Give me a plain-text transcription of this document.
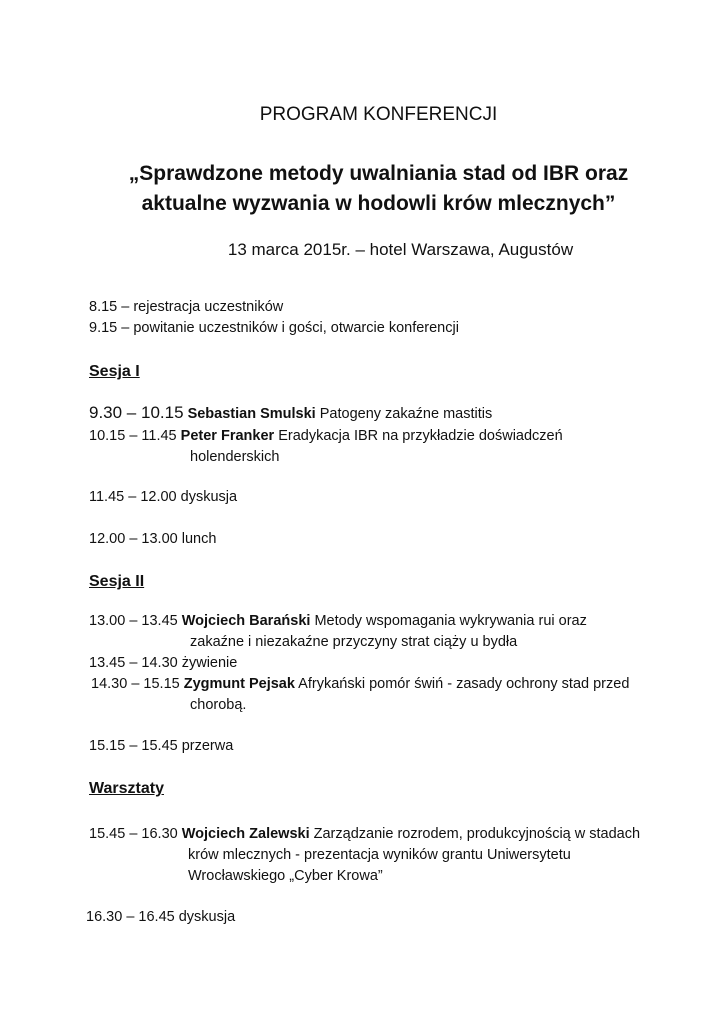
PROGRAM KONFERENCJI
„Sprawdzone metody uwalniania stad od IBR oraz
aktualne wyzwania w hodowli krów mlecznych”
13 marca 2015r. – hotel Warszawa, Augustów
8.15 – rejestracja uczestników
9.15 – powitanie uczestników i gości, otwarcie konferencji
Sesja I
9.30 – 10.15 Sebastian Smulski Patogeny zakaźne mastitis
10.15 – 11.45 Peter Franker Eradykacja IBR na przykładzie doświadczeń
holenderskich
11.45 – 12.00 dyskusja
12.00 – 13.00 lunch
Sesja II
13.00 – 13.45 Wojciech Barański Metody wspomagania wykrywania rui oraz
zakaźne i niezakaźne przyczyny strat ciąży u bydła
13.45 – 14.30 żywienie
14.30 – 15.15 Zygmunt Pejsak Afrykański pomór świń - zasady ochrony stad przed
chorobą.
15.15 – 15.45 przerwa
Warsztaty
15.45 – 16.30 Wojciech Zalewski Zarządzanie rozrodem, produkcyjnością w stadach
krów mlecznych - prezentacja wyników grantu Uniwersytetu
Wrocławskiego „Cyber Krowa”
16.30 – 16.45 dyskusja
